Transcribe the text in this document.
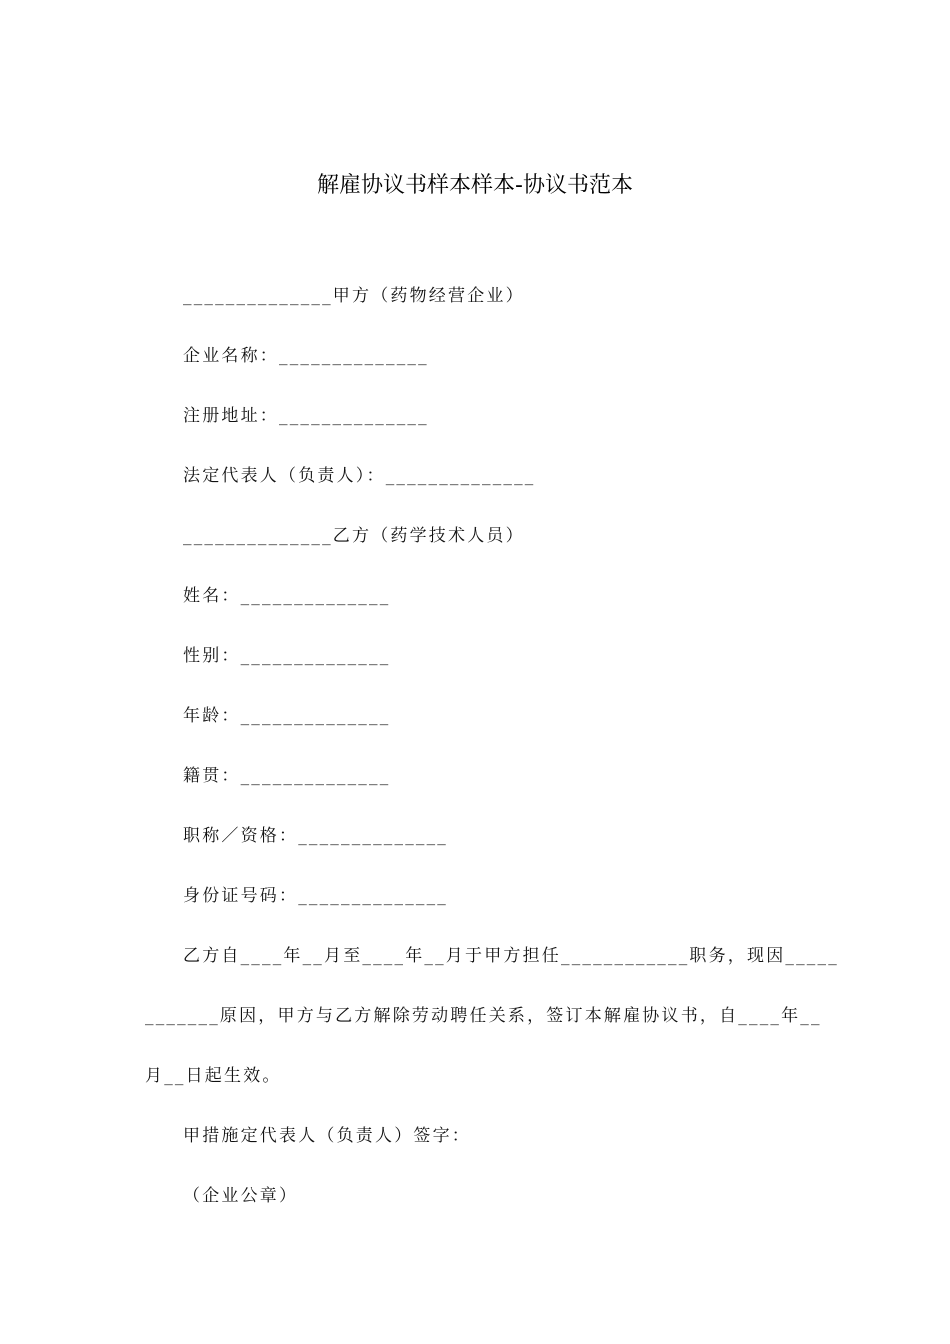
解雇协议书样本样本-协议书范本
______________甲方（药物经营企业）
企业名称：______________
注册地址：______________
法定代表人（负责人）：______________
______________乙方（药学技术人员）
姓名：______________
性别：______________
年龄：______________
籍贯：______________
职称／资格：______________
身份证号码：______________
乙方自____年__月至____年__月于甲方担任____________职务，现因_____
_______原因，甲方与乙方解除劳动聘任关系，签订本解雇协议书，自____年__
月__日起生效。
甲措施定代表人（负责人）签字：
（企业公章）
